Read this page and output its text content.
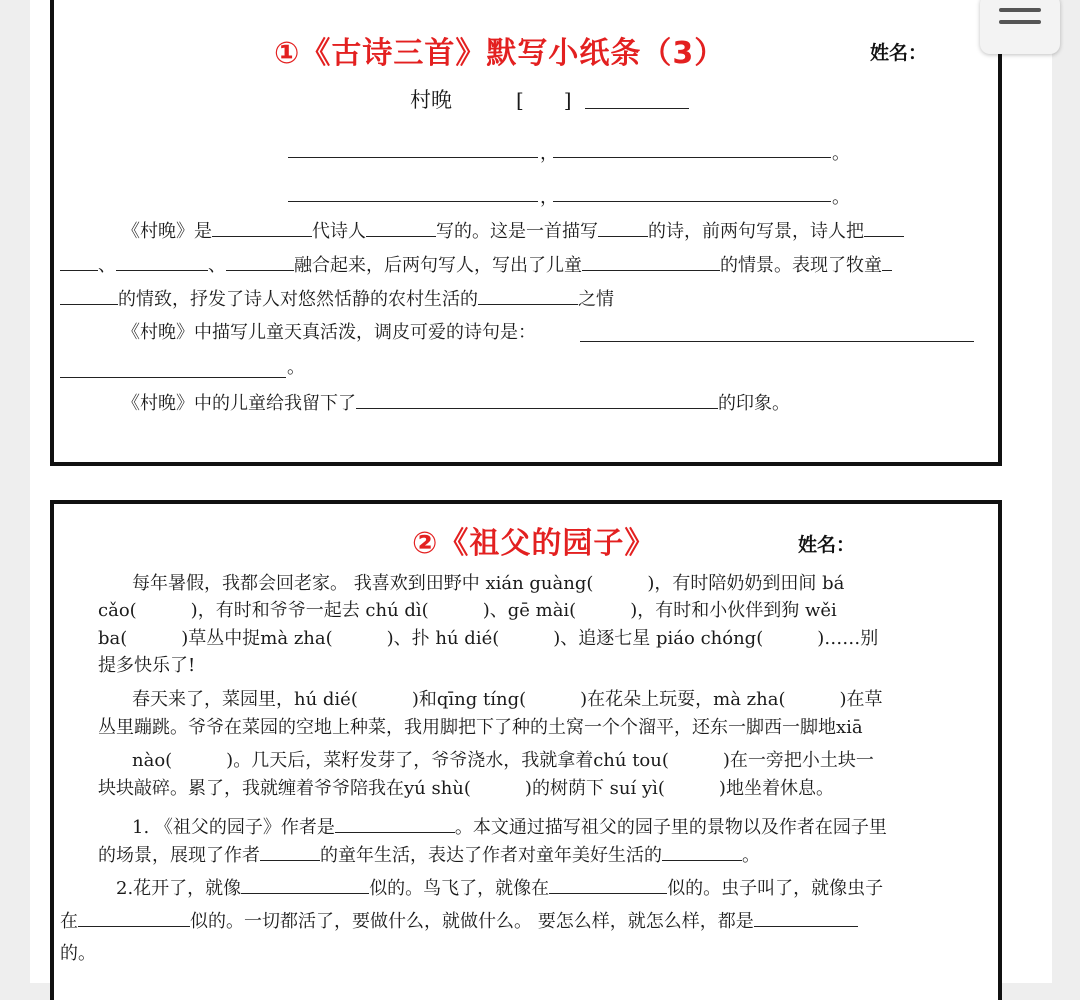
①《古诗三首》默写小纸条（3）	姓名：
村晚	[　　]
，	。
，	。
《村晚》是	代诗人	写的。这是一首描写	的诗，前两句写景，诗人把
、	、	融合起来，后两句写人，写出了儿童	的情景。表现了牧童
的情致，抒发了诗人对悠然恬静的农村生活的	之情
《村晚》中描写儿童天真活泼，调皮可爱的诗句是：
。
《村晚》中的儿童给我留下了	的印象。
②《祖父的园子》	姓名：
每年暑假，我都会回老家。 我喜欢到田野中 xián guàng(　　　)，有时陪奶奶到田间 bá
cǎo(　　　)，有时和爷爷一起去 chú dì(　　　)、gē mài(　　　)，有时和小伙伴到狗 wěi
ba(　　　)草丛中捉mà zha(　　　)、扑 hú dié(　　　)、追逐七星 piáo chóng(　　　)……别
提多快乐了!
春天来了，菜园里，hú dié(　　　)和qīng tíng(　　　)在花朵上玩耍，mà zha(　　　)在草
丛里蹦跳。爷爷在菜园的空地上种菜，我用脚把下了种的土窝一个个溜平，还东一脚西一脚地xiā
nào(　　　)。几天后，菜籽发芽了，爷爷浇水，我就拿着chú tou(　　　)在一旁把小土块一
块块敲碎。累了，我就缠着爷爷陪我在yú shù(　　　)的树荫下 suí yì(　　　)地坐着休息。
1. 《祖父的园子》作者是	。本文通过描写祖父的园子里的景物以及作者在园子里
的场景，展现了作者	的童年生活，表达了作者对童年美好生活的	。
2.花开了，就像	似的。鸟飞了，就像在	似的。虫子叫了，就像虫子
在	似的。一切都活了，要做什么，就做什么。 要怎么样，就怎么样，都是
的。
